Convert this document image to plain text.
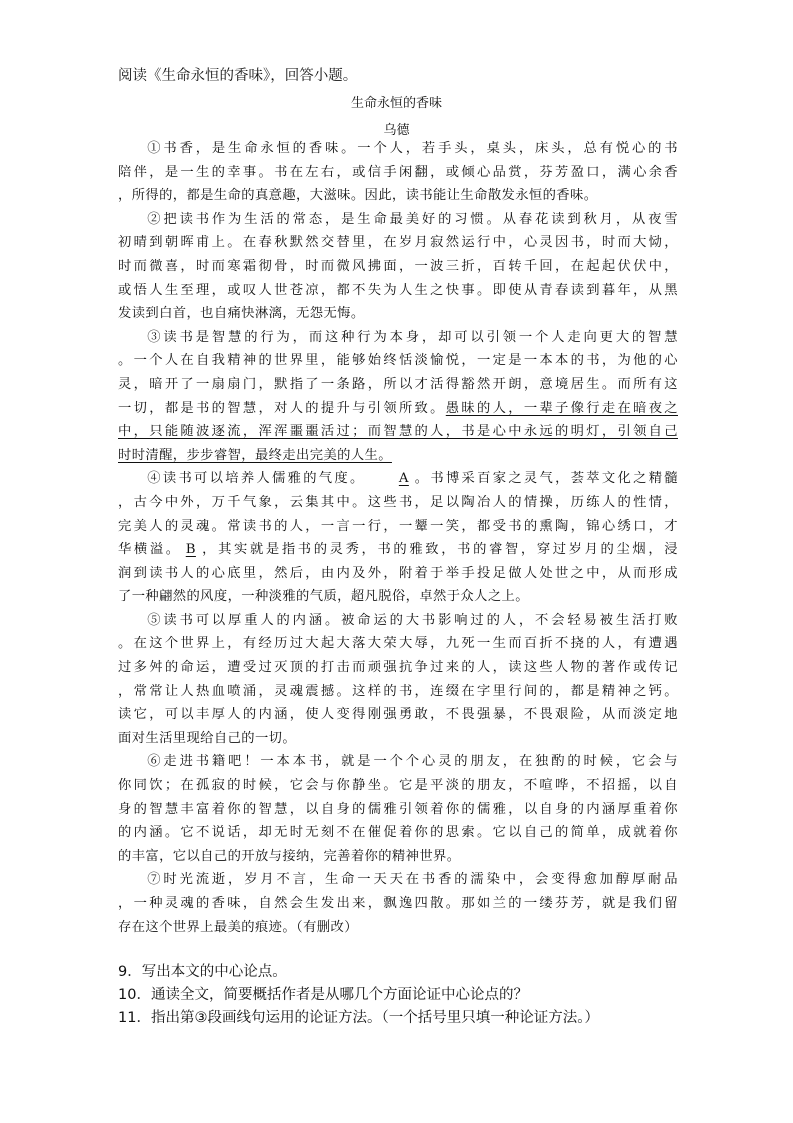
阅读《生命永恒的香味》，回答小题。
生命永恒的香味
乌德
①书香，是生命永恒的香味。一个人，若手头，桌头，床头，总有悦心的书
陪伴，是一生的幸事。书在左右，或信手闲翻，或倾心品赏，芬芳盈口，满心余香
，所得的，都是生命的真意趣，大滋味。因此，读书能让生命散发永恒的香味。
②把读书作为生活的常态，是生命最美好的习惯。从春花读到秋月，从夜雪
初晴到朝晖甫上。在春秋默然交替里，在岁月寂然运行中，心灵因书，时而大恸，
时而微喜，时而寒霜彻骨，时而微风拂面，一波三折，百转千回，在起起伏伏中，
或悟人生至理，或叹人世苍凉，都不失为人生之快事。即使从青春读到暮年，从黑
发读到白首，也自痛快淋漓，无怨无悔。
③读书是智慧的行为，而这种行为本身，却可以引领一个人走向更大的智慧
。一个人在自我精神的世界里，能够始终恬淡愉悦，一定是一本本的书，为他的心
灵，暗开了一扇扇门，默指了一条路，所以才活得豁然开朗，意境居生。而所有这
一切，都是书的智慧，对人的提升与引领所致。愚昧的人，一辈子像行走在暗夜之
中，只能随波逐流，浑浑噩噩活过；而智慧的人，书是心中永远的明灯，引领自己
时时清醒，步步睿智，最终走出完美的人生。
④读书可以培养人儒雅的气度。	A 。书博采百家之灵气，荟萃文化之精髓
，古今中外，万千气象，云集其中。这些书，足以陶冶人的情操，历练人的性情，
完美人的灵魂。常读书的人，一言一行，一颦一笑，都受书的熏陶，锦心绣口，才
华横溢。 B ，其实就是指书的灵秀，书的雅致，书的睿智，穿过岁月的尘烟，浸
润到读书人的心底里，然后，由内及外，附着于举手投足做人处世之中，从而形成
了一种翩然的风度，一种淡雅的气质，超凡脱俗，卓然于众人之上。
⑤读书可以厚重人的内涵。被命运的大书影响过的人，不会轻易被生活打败
。在这个世界上，有经历过大起大落大荣大辱，九死一生而百折不挠的人，有遭遇
过多舛的命运，遭受过灭顶的打击而顽强抗争过来的人，读这些人物的著作或传记
，常常让人热血喷涌，灵魂震撼。这样的书，连缀在字里行间的，都是精神之钙。
读它，可以丰厚人的内涵，使人变得刚强勇敢，不畏强暴，不畏艰险，从而淡定地
面对生活里现给自己的一切。
⑥走进书籍吧！一本本书，就是一个个心灵的朋友，在独酌的时候，它会与
你同饮；在孤寂的时候，它会与你静坐。它是平淡的朋友，不喧哗，不招摇，以自
身的智慧丰富着你的智慧，以自身的儒雅引领着你的儒雅，以自身的内涵厚重着你
的内涵。它不说话，却无时无刻不在催促着你的思索。它以自己的简单，成就着你
的丰富，它以自己的开放与接纳，完善着你的精神世界。
⑦时光流逝，岁月不言，生命一天天在书香的濡染中，会变得愈加醇厚耐品
，一种灵魂的香味，自然会生发出来，飘逸四散。那如兰的一缕芬芳，就是我们留
存在这个世界上最美的痕迹。（有删改）
9．写出本文的中心论点。
10．通读全文，简要概括作者是从哪几个方面论证中心论点的？
11．指出第③段画线句运用的论证方法。（一个括号里只填一种论证方法。）
